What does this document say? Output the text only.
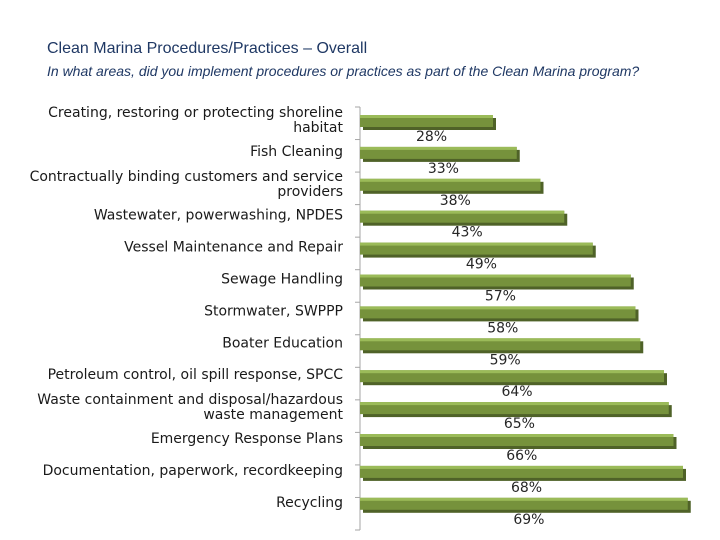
Clean Marina Procedures/Practices – Overall

In what areas, did you implement procedures or practices as part of the Clean Marina program?

28%
Creating, restoring or protecting shoreline habitat
33%
Fish Cleaning
38%
Contractually binding customers and service providers
43%
Wastewater, powerwashing, NPDES
49%
Vessel Maintenance and Repair
57%
Sewage Handling
58%
Stormwater, SWPPP
59%
Boater Education
64%
Petroleum control, oil spill response, SPCC
65%
Waste containment and disposal/hazardous waste management
66%
Emergency Response Plans
68%
Documentation, paperwork, recordkeeping
69%
Recycling
